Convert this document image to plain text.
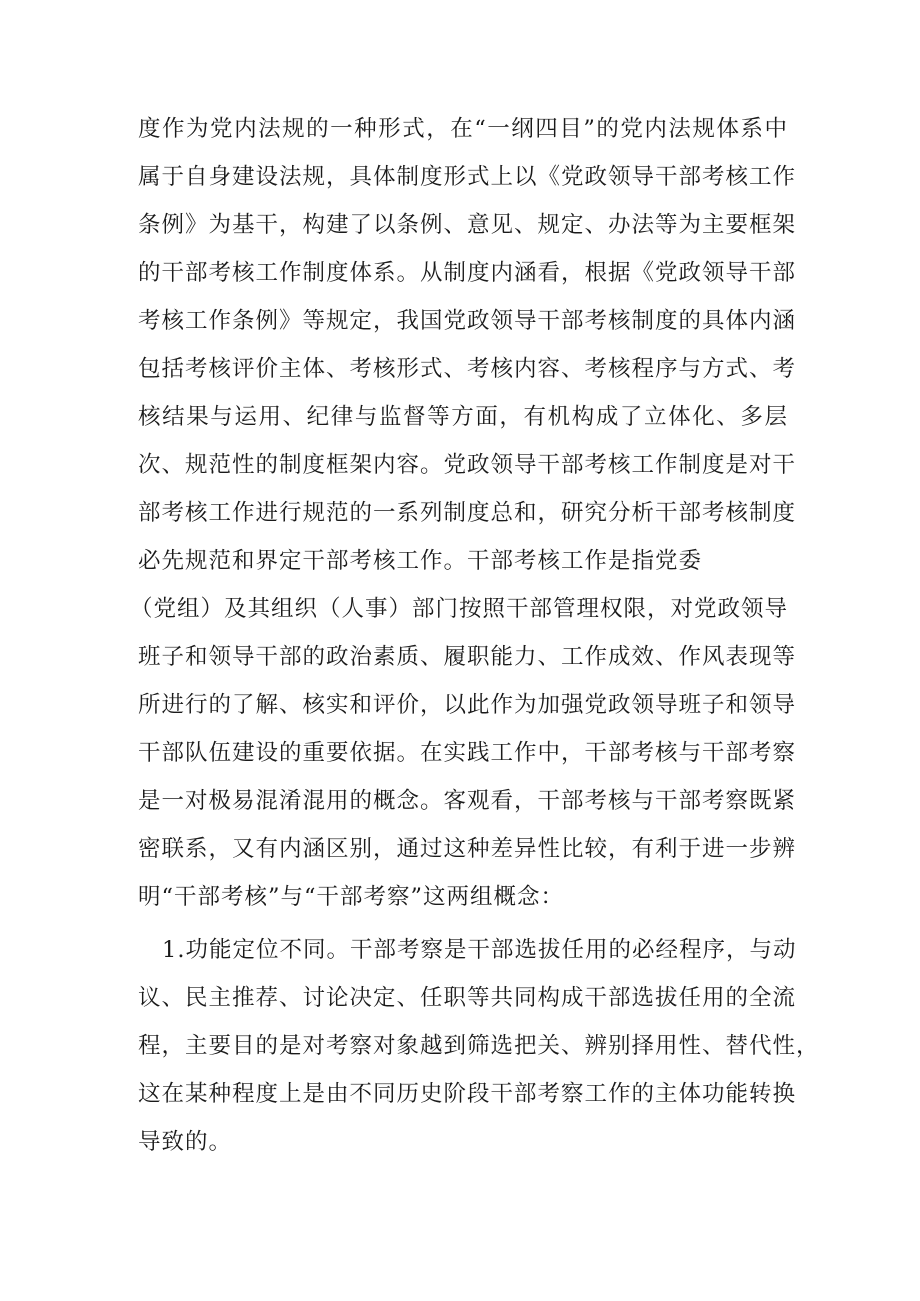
度作为党内法规的一种形式，在“一纲四目”的党内法规体系中
属于自身建设法规，具体制度形式上以《党政领导干部考核工作
条例》为基干，构建了以条例、意见、规定、办法等为主要框架
的干部考核工作制度体系。从制度内涵看，根据《党政领导干部
考核工作条例》等规定，我国党政领导干部考核制度的具体内涵
包括考核评价主体、考核形式、考核内容、考核程序与方式、考
核结果与运用、纪律与监督等方面，有机构成了立体化、多层
次、规范性的制度框架内容。党政领导干部考核工作制度是对干
部考核工作进行规范的一系列制度总和，研究分析干部考核制度
必先规范和界定干部考核工作。干部考核工作是指党委
（党组）及其组织（人事）部门按照干部管理权限，对党政领导
班子和领导干部的政治素质、履职能力、工作成效、作风表现等
所进行的了解、核实和评价，以此作为加强党政领导班子和领导
干部队伍建设的重要依据。在实践工作中，干部考核与干部考察
是一对极易混淆混用的概念。客观看，干部考核与干部考察既紧
密联系，又有内涵区别，通过这种差异性比较，有利于进一步辨
明“干部考核”与“干部考察”这两组概念：
1.功能定位不同。干部考察是干部选拔任用的必经程序，与动
议、民主推荐、讨论决定、任职等共同构成干部选拔任用的全流
程，主要目的是对考察对象越到筛选把关、辨别择用性、替代性，
这在某种程度上是由不同历史阶段干部考察工作的主体功能转换
导致的。
